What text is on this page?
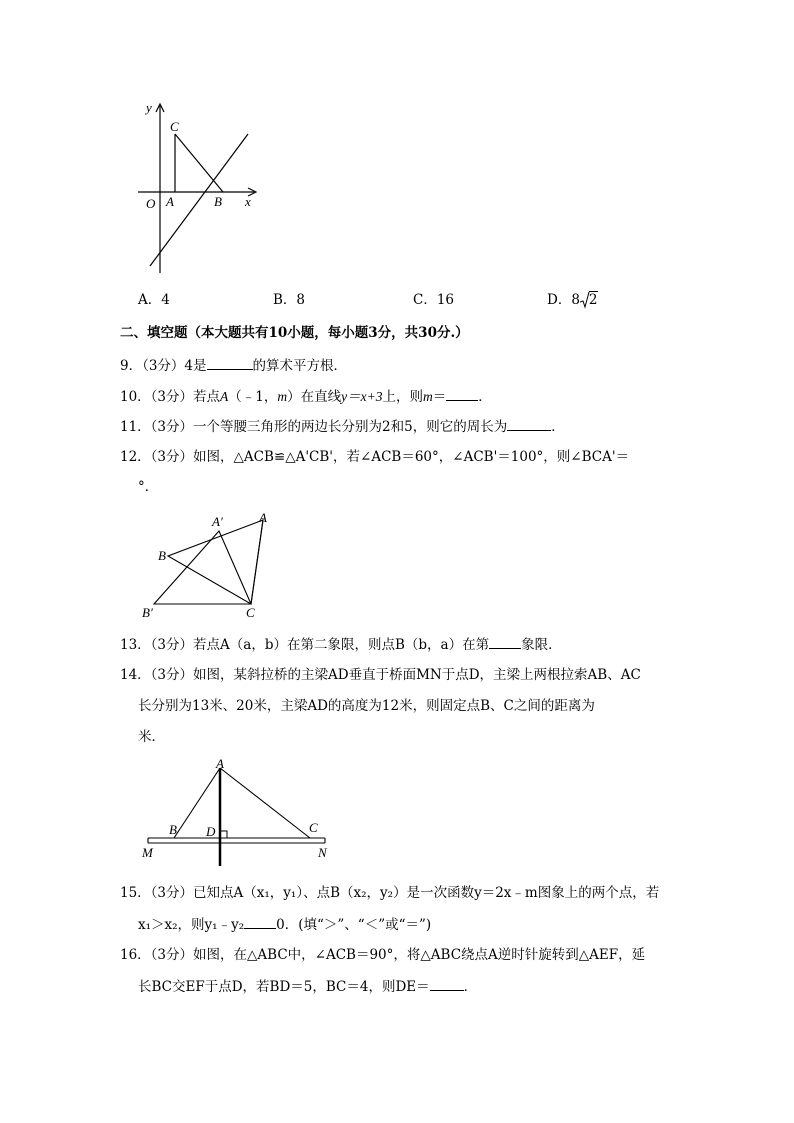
y
C
O A	B x
A．4	B．8	C．16	D．8 2
二、填空题（本大题共有10小题，每小题3分，共30分.）
9．（3分）4是	的算术平方根．
10．（3分）若点A（﹣1，m）在直线y＝x+3上，则m＝ ．
11．（3分）一个等腰三角形的两边长分别为2和5，则它的周长为	．
12．（3分）如图，△ACB≌△A'CB'，若∠ACB＝60°，∠ACB'＝100°，则∠BCA'＝
°．
A′	A
B
B′	C
13．（3分）若点A（a，b）在第二象限，则点B（b，a）在第 象限．
14．（3分）如图，某斜拉桥的主梁AD垂直于桥面MN于点D，主梁上两根拉索AB、AC
长分别为13米、20米，主梁AD的高度为12米，则固定点B、C之间的距离为
米．
A
B D	C
M	N
15．（3分）已知点A（x₁，y₁）、点B（x₂，y₂）是一次函数y＝2x﹣m图象上的两个点，若
x₁＞x₂，则y₁﹣y₂ 0．(填“＞”、“＜”或“＝”)
16．（3分）如图，在△ABC中，∠ACB＝90°，将△ABC绕点A逆时针旋转到△AEF，延
长BC交EF于点D，若BD＝5，BC＝4，则DE＝	．
